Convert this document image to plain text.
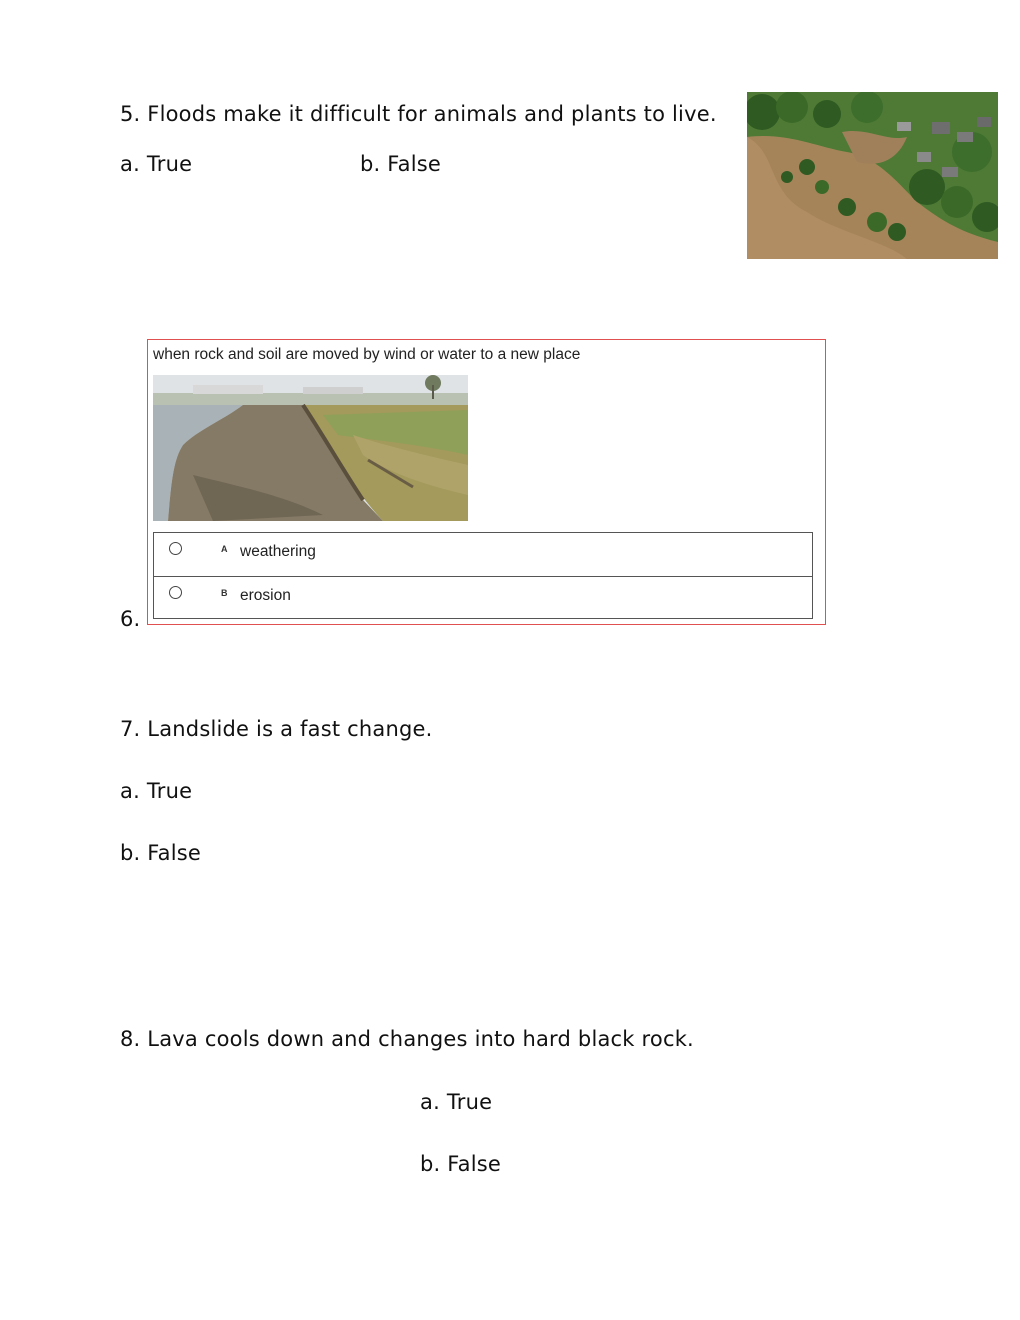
5. Floods make it difficult for animals and plants to live.
a. True	b. False
6.
when rock and soil are moved by wind or water to a new place
A weathering
B erosion
7. Landslide is a fast change.
a. True
b. False
8. Lava cools down and changes into hard black rock.
a. True
b. False
